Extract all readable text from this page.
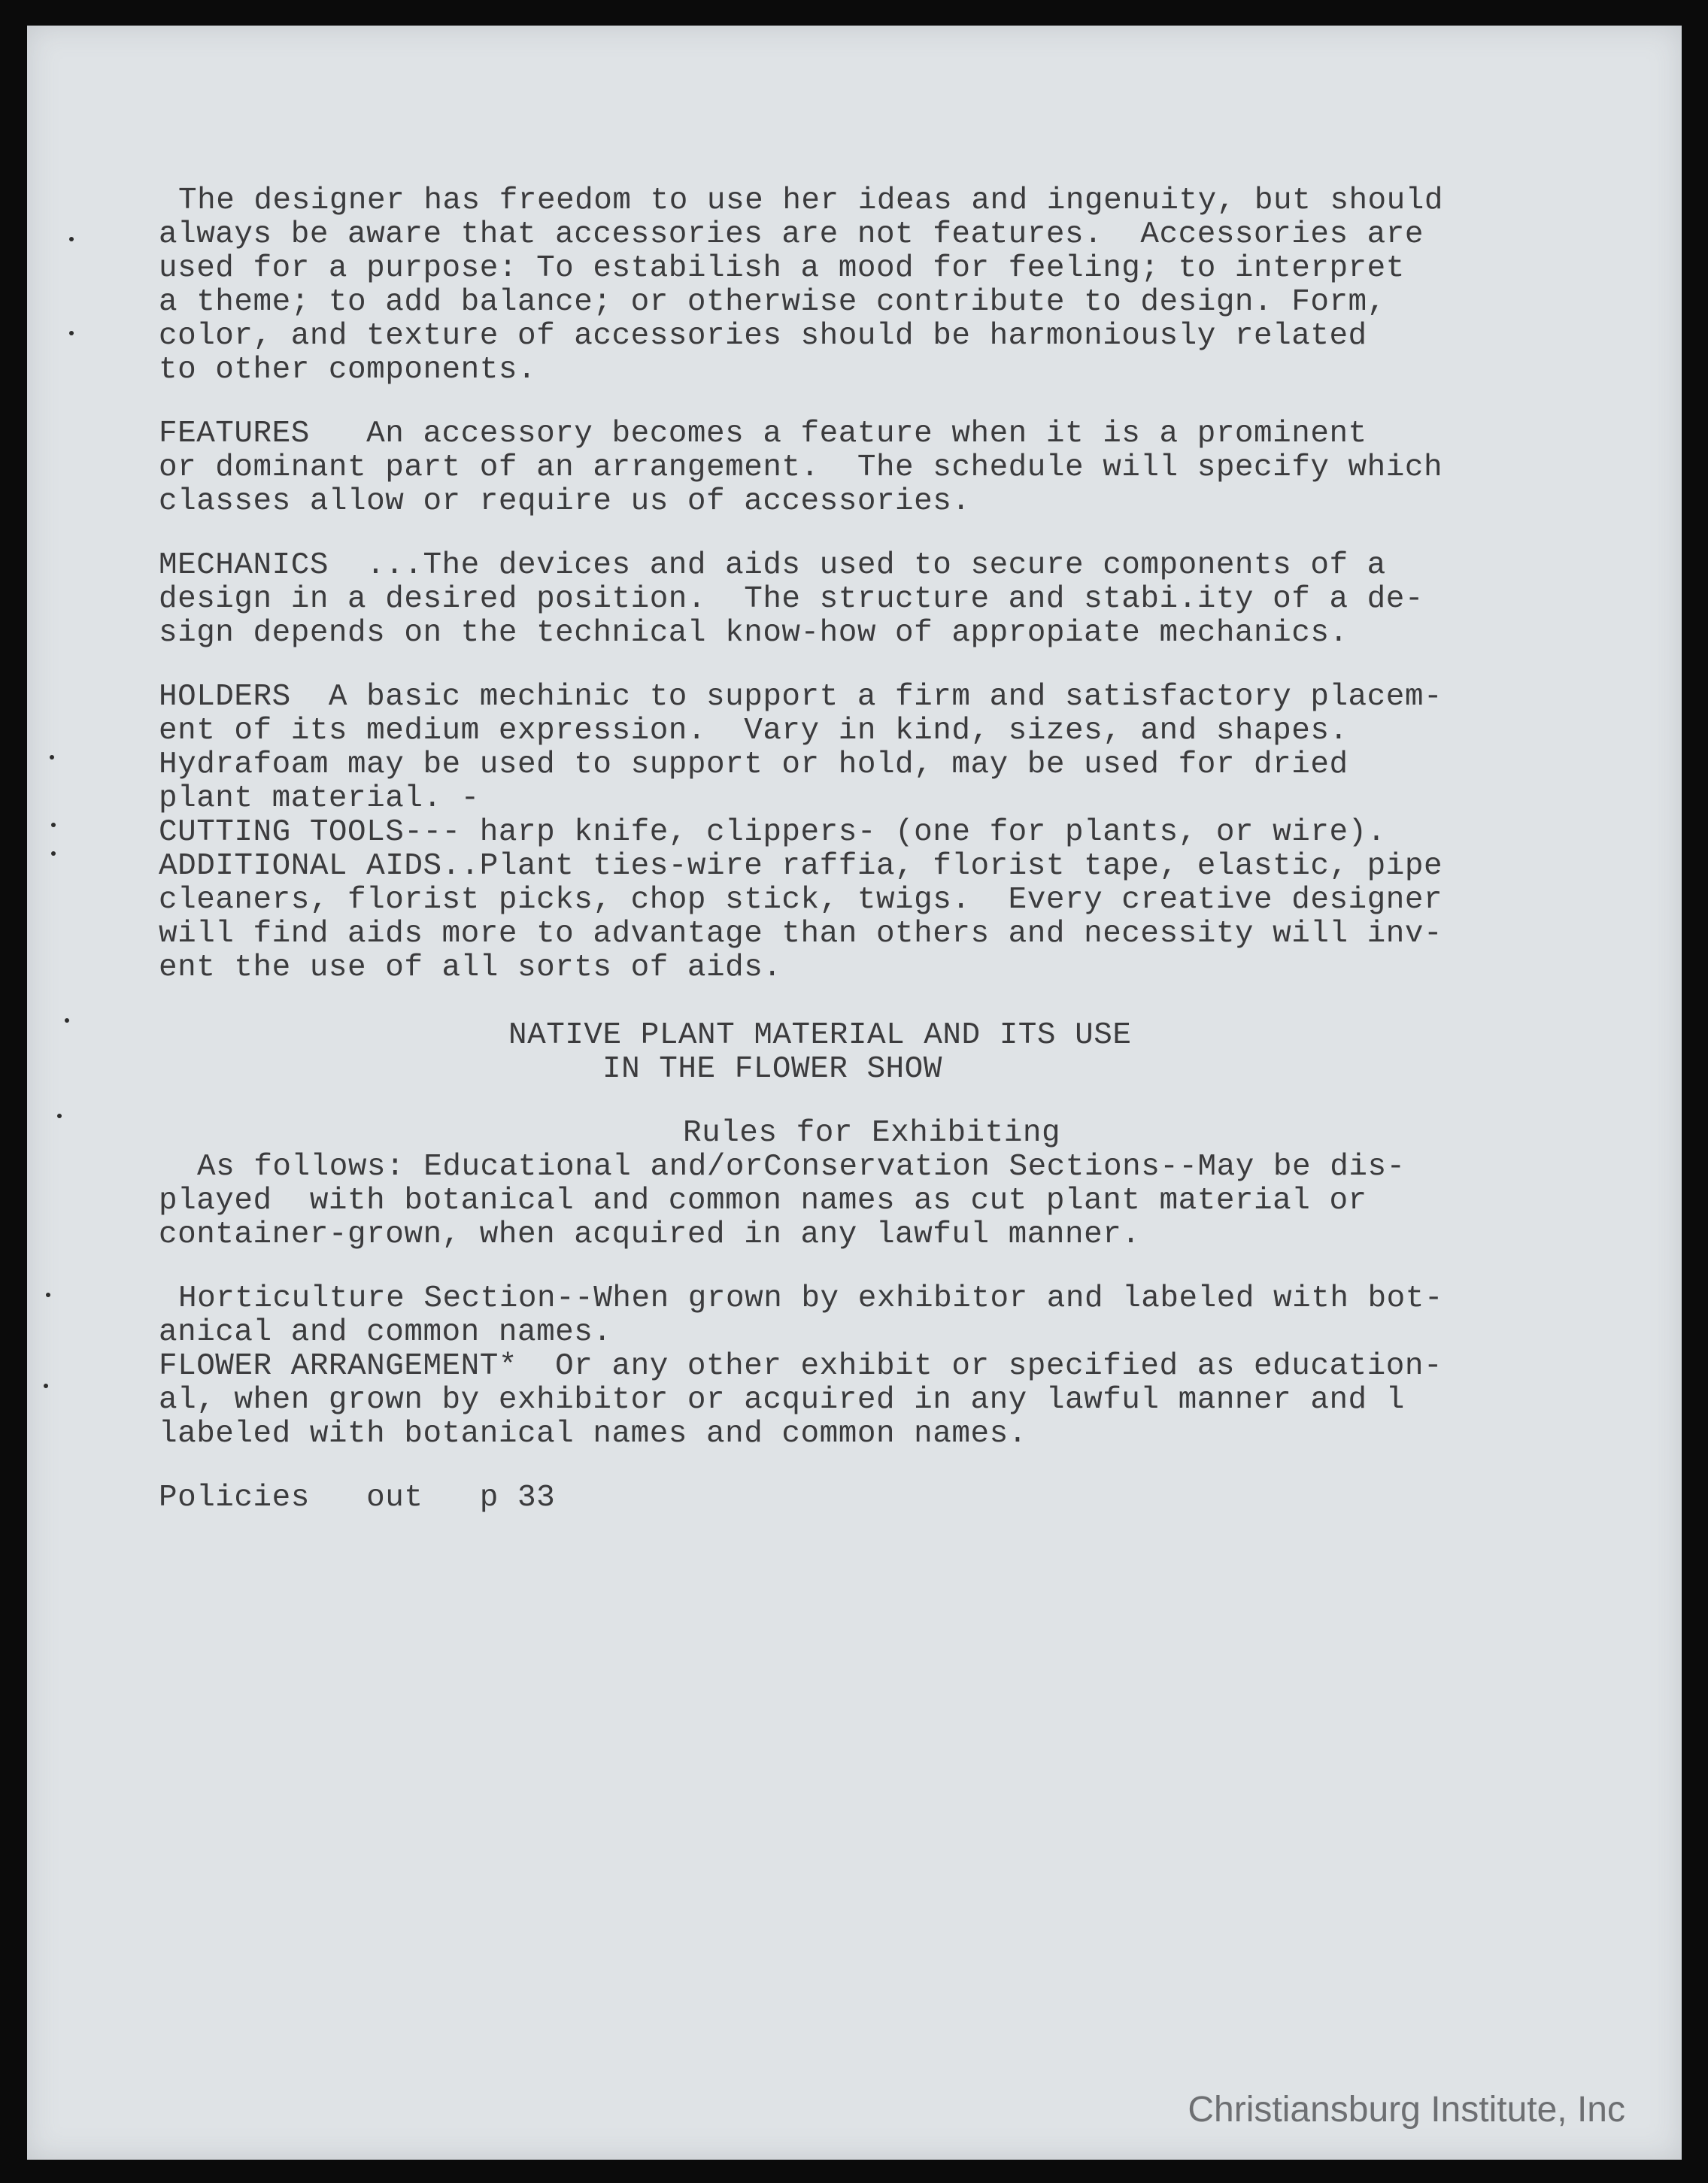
The designer has freedom to use her ideas and ingenuity, but should
always be aware that accessories are not features.  Accessories are
used for a purpose: To estabilish a mood for feeling; to interpret
a theme; to add balance; or otherwise contribute to design. Form,
color, and texture of accessories should be harmoniously related
to other components.
FEATURES   An accessory becomes a feature when it is a prominent
or dominant part of an arrangement.  The schedule will specify which
classes allow or require us of accessories.
MECHANICS  ...The devices and aids used to secure components of a
design in a desired position.  The structure and stabi.ity of a de-
sign depends on the technical know-how of appropiate mechanics.
HOLDERS  A basic mechinic to support a firm and satisfactory placem-
ent of its medium expression.  Vary in kind, sizes, and shapes.
Hydrafoam may be used to support or hold, may be used for dried
plant material. -
CUTTING TOOLS--- harp knife, clippers- (one for plants, or wire).
ADDITIONAL AIDS..Plant ties-wire raffia, florist tape, elastic, pipe
cleaners, florist picks, chop stick, twigs.  Every creative designer
will find aids more to advantage than others and necessity will inv-
ent the use of all sorts of aids.
NATIVE PLANT MATERIAL AND ITS USE
IN THE FLOWER SHOW
Rules for Exhibiting
As follows: Educational and/orConservation Sections--May be dis-
played  with botanical and common names as cut plant material or
container-grown, when acquired in any lawful manner.
Horticulture Section--When grown by exhibitor and labeled with bot-
anical and common names.
FLOWER ARRANGEMENT*  Or any other exhibit or specified as education-
al, when grown by exhibitor or acquired in any lawful manner and l
labeled with botanical names and common names.
Policies   out   p 33
Christiansburg Institute, Inc
